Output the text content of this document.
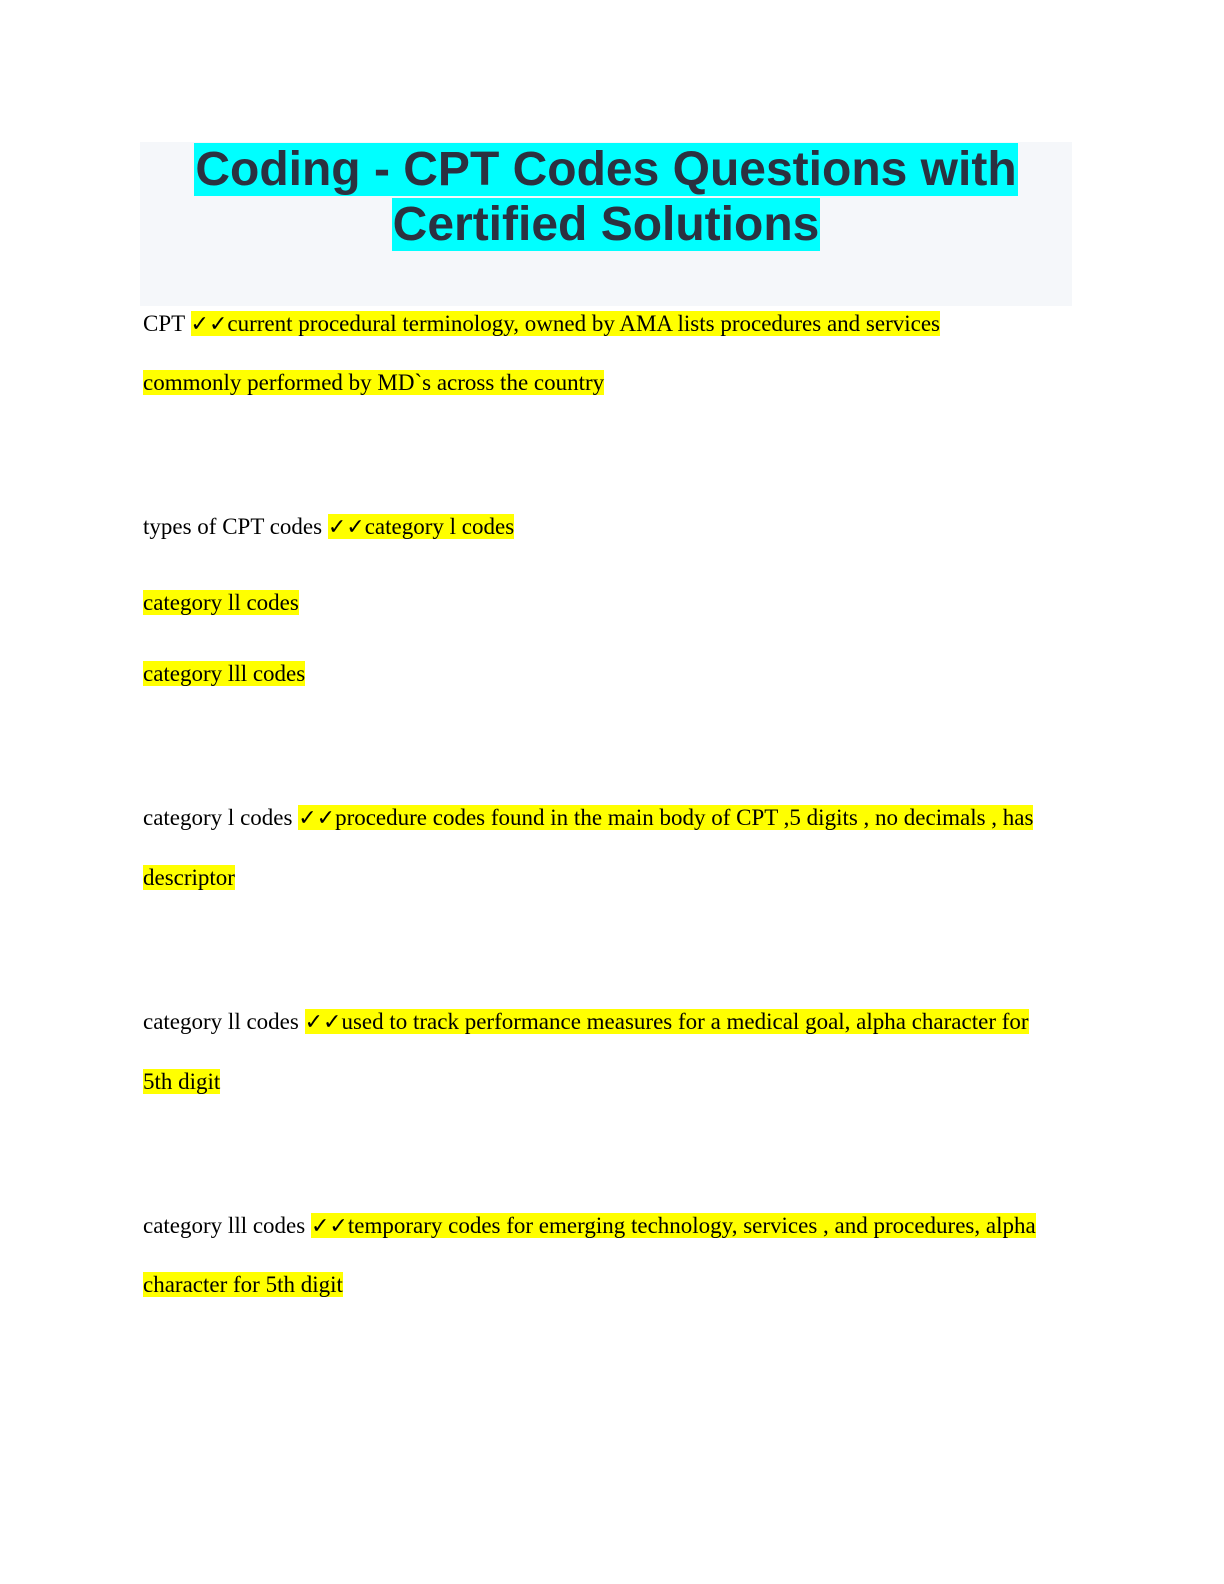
Coding - CPT Codes Questions with
Certified Solutions
CPT ✓✓current procedural terminology, owned by AMA lists procedures and services
commonly performed by MD`s across the country
types of CPT codes ✓✓category l codes
category ll codes
category lll codes
category l codes ✓✓procedure codes found in the main body of CPT ,5 digits , no decimals , has
descriptor
category ll codes ✓✓used to track performance measures for a medical goal, alpha character for
5th digit
category lll codes ✓✓temporary codes for emerging technology, services , and procedures, alpha
character for 5th digit
